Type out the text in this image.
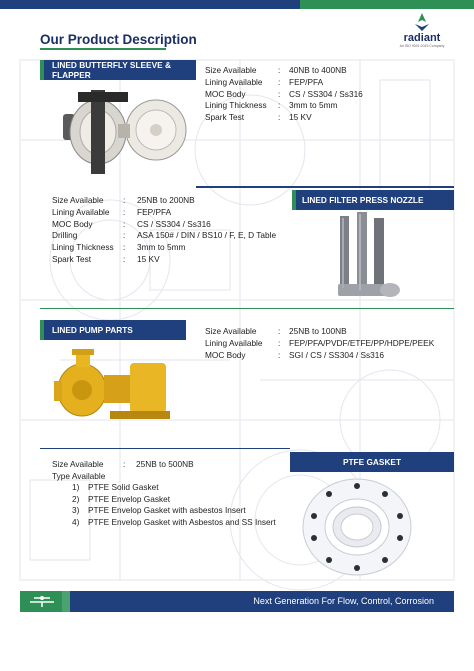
Our Product Description	radiant
An ISO 9001:2015 Company
LINED BUTTERFLY SLEEVE & FLAPPER	Size Available	: 40NB to 400NB
Lining Available : FEP/PFA
MOC Body	: CS / SS304 / Ss316
Lining Thickness : 3mm to 5mm
Spark Test	: 15 KV
LINED FILTER PRESS NOZZLE
Size Available : 25NB to 200NB
Lining Available : FEP/PFA
MOC Body	: CS / SS304 / Ss316
Drilling	: ASA 150# / DIN / BS10 / F, E, D Table
Lining Thickness : 3mm to 5mm
Spark Test	: 15 KV
LINED PUMP PARTS	Size Available	: 25NB to 100NB
Lining Available : FEP/PFA/PVDF/ETFE/PP/HDPE/PEEK
MOC Body	: SGI / CS / SS304 / Ss316
PTFE GASKET
Size Available : 25NB to 500NB
Type Available
1) PTFE Solid Gasket
2) PTFE Envelop Gasket
3) PTFE Envelop Gasket with asbestos Insert
4) PTFE Envelop Gasket with Asbestos and SS Insert
Next Generation For Flow, Control, Corrosion
